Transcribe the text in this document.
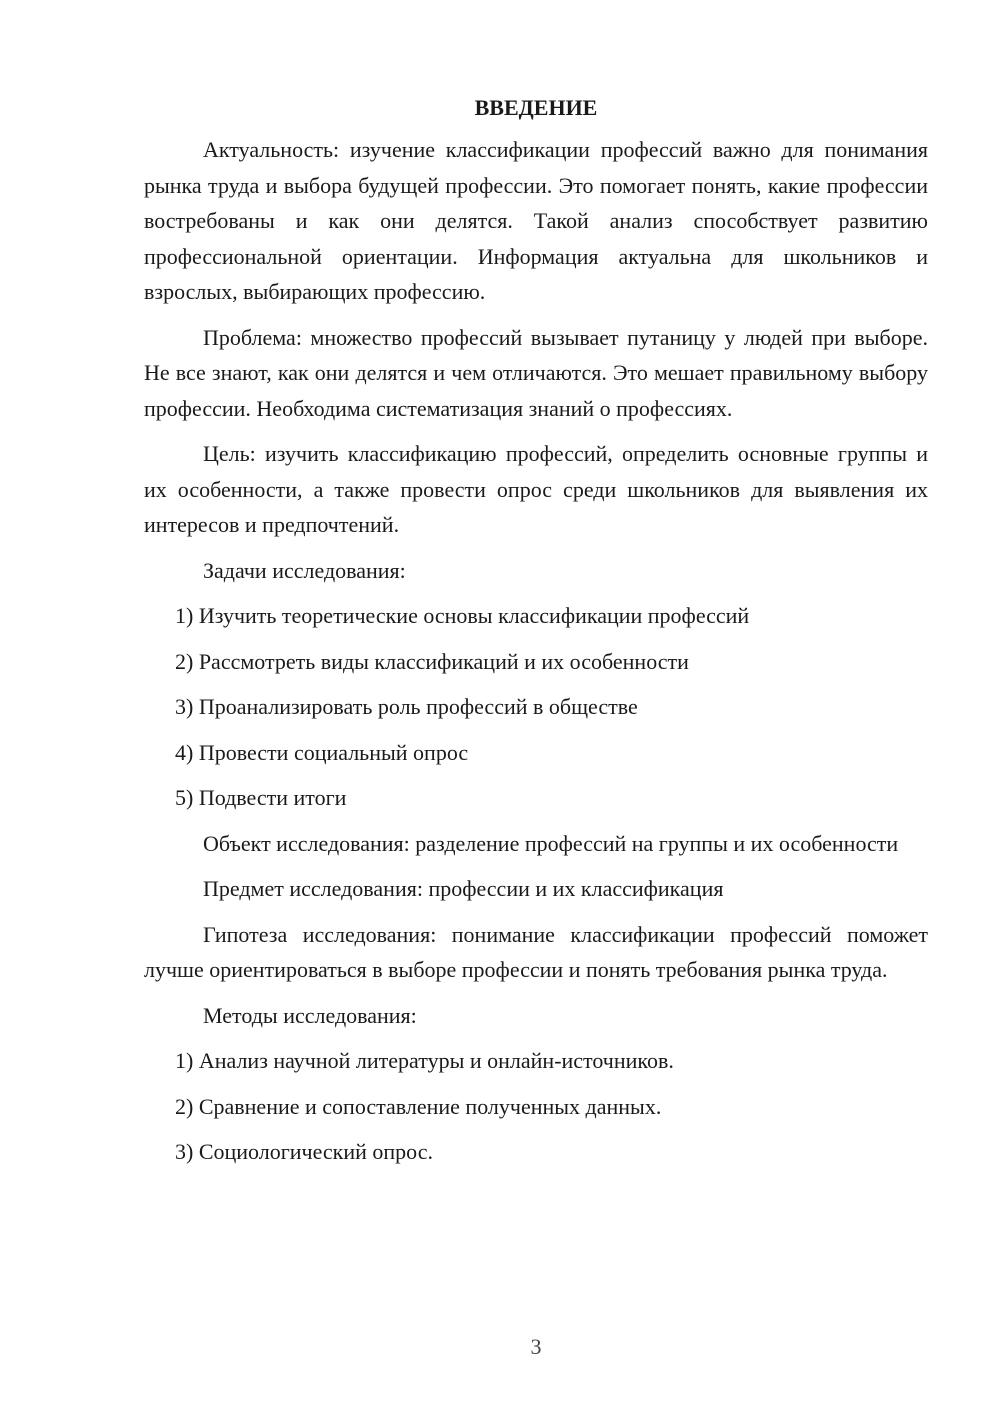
ВВЕДЕНИЕ

Актуальность: изучение классификации профессий важно для понимания рынка труда и выбора будущей профессии. Это помогает понять, какие профессии востребованы и как они делятся. Такой анализ способствует развитию профессиональной ориентации. Информация актуальна для школьников и взрослых, выбирающих профессию.

Проблема: множество профессий вызывает путаницу у людей при выборе. Не все знают, как они делятся и чем отличаются. Это мешает правильному выбору профессии. Необходима систематизация знаний о профессиях.

Цель: изучить классификацию профессий, определить основные группы и их особенности, а также провести опрос среди школьников для выявления их интересов и предпочтений.

Задачи исследования:

1) Изучить теоретические основы классификации профессий
2) Рассмотреть виды классификаций и их особенности
3) Проанализировать роль профессий в обществе
4) Провести социальный опрос
5) Подвести итоги

Объект исследования: разделение профессий на группы и их особенности

Предмет исследования: профессии и их классификация

Гипотеза исследования: понимание классификации профессий поможет лучше ориентироваться в выборе профессии и понять требования рынка труда.

Методы исследования:

1) Анализ научной литературы и онлайн-источников.
2) Сравнение и сопоставление полученных данных.
3) Социологический опрос.
3
